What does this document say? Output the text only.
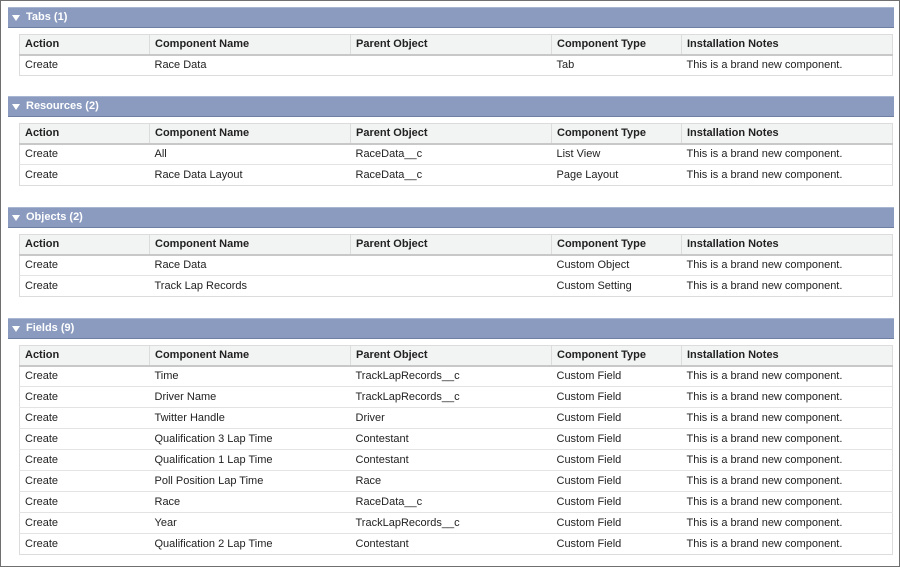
Tabs (1)
Action	Component Name	Parent Object	Component Type	Installation Notes
Create	Race Data		Tab	This is a brand new component.
Resources (2)
Action	Component Name	Parent Object	Component Type	Installation Notes
Create	All	RaceData__c	List View	This is a brand new component.
Create	Race Data Layout	RaceData__c	Page Layout	This is a brand new component.
Objects (2)
Action	Component Name	Parent Object	Component Type	Installation Notes
Create	Race Data		Custom Object	This is a brand new component.
Create	Track Lap Records		Custom Setting	This is a brand new component.
Fields (9)
Action	Component Name	Parent Object	Component Type	Installation Notes
Create	Time	TrackLapRecords__c	Custom Field	This is a brand new component.
Create	Driver Name	TrackLapRecords__c	Custom Field	This is a brand new component.
Create	Twitter Handle	Driver	Custom Field	This is a brand new component.
Create	Qualification 3 Lap Time	Contestant	Custom Field	This is a brand new component.
Create	Qualification 1 Lap Time	Contestant	Custom Field	This is a brand new component.
Create	Poll Position Lap Time	Race	Custom Field	This is a brand new component.
Create	Race	RaceData__c	Custom Field	This is a brand new component.
Create	Year	TrackLapRecords__c	Custom Field	This is a brand new component.
Create	Qualification 2 Lap Time	Contestant	Custom Field	This is a brand new component.
